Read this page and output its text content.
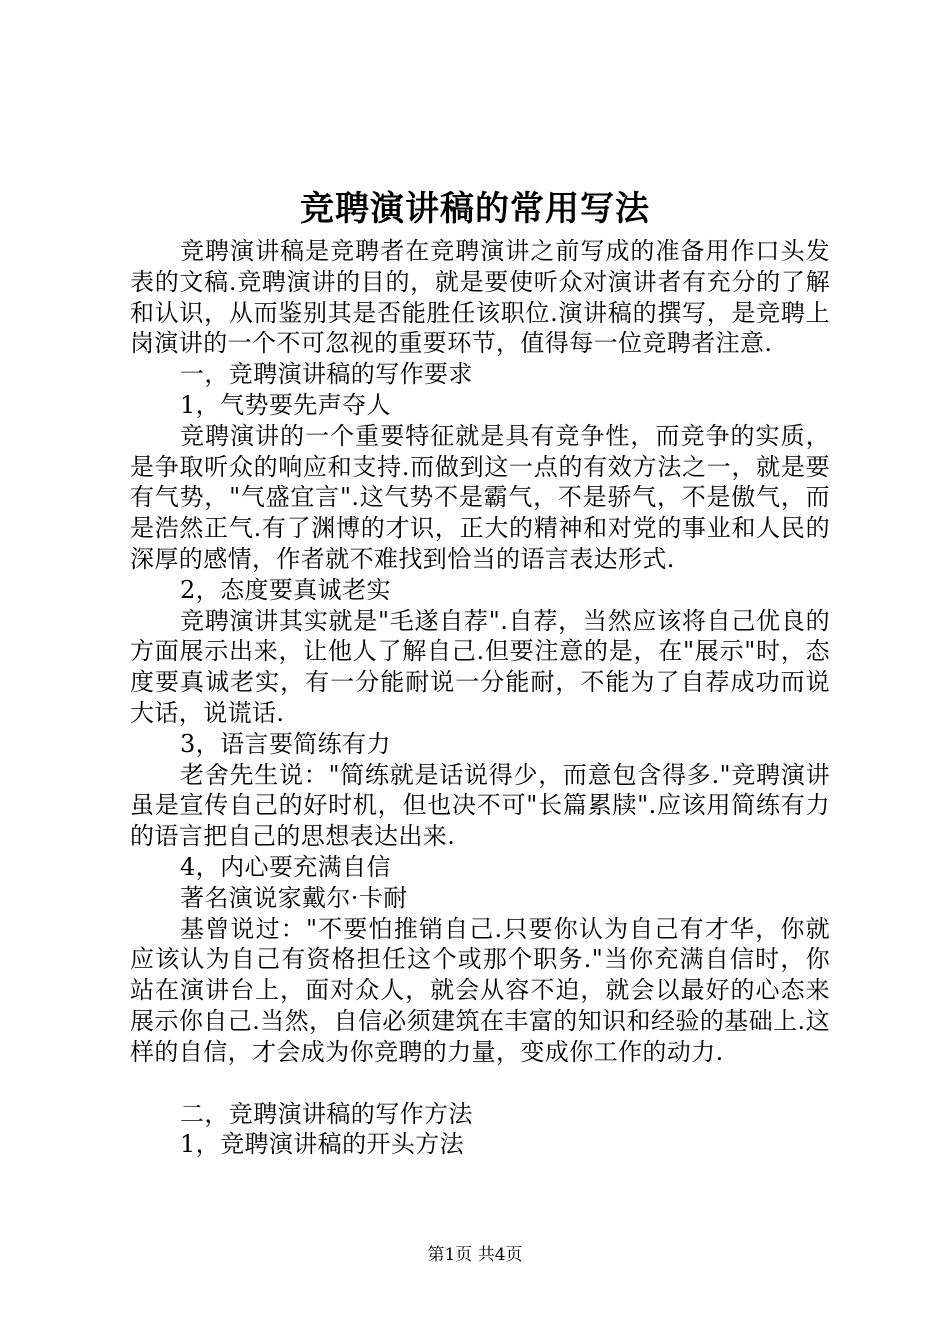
竞聘演讲稿的常用写法

竞聘演讲稿是竞聘者在竞聘演讲之前写成的准备用作口头发表的文稿.竞聘演讲的目的，就是要使听众对演讲者有充分的了解和认识，从而鉴别其是否能胜任该职位.演讲稿的撰写，是竞聘上岗演讲的一个不可忽视的重要环节，值得每一位竞聘者注意.

一，竞聘演讲稿的写作要求

1，气势要先声夺人

竞聘演讲的一个重要特征就是具有竞争性，而竞争的实质，是争取听众的响应和支持.而做到这一点的有效方法之一，就是要有气势，"气盛宜言".这气势不是霸气，不是骄气，不是傲气，而是浩然正气.有了渊博的才识，正大的精神和对党的事业和人民的深厚的感情，作者就不难找到恰当的语言表达形式.

2，态度要真诚老实

竞聘演讲其实就是"毛遂自荐".自荐，当然应该将自己优良的方面展示出来，让他人了解自己.但要注意的是，在"展示"时，态度要真诚老实，有一分能耐说一分能耐，不能为了自荐成功而说大话，说谎话.

3，语言要简练有力

老舍先生说："简练就是话说得少，而意包含得多."竞聘演讲虽是宣传自己的好时机，但也决不可"长篇累牍".应该用简练有力的语言把自己的思想表达出来.

4，内心要充满自信

著名演说家戴尔·卡耐

基曾说过："不要怕推销自己.只要你认为自己有才华，你就应该认为自己有资格担任这个或那个职务."当你充满自信时，你站在演讲台上，面对众人，就会从容不迫，就会以最好的心态来展示你自己.当然，自信必须建筑在丰富的知识和经验的基础上.这样的自信，才会成为你竞聘的力量，变成你工作的动力.

二，竞聘演讲稿的写作方法

1，竞聘演讲稿的开头方法

第1页 共4页
